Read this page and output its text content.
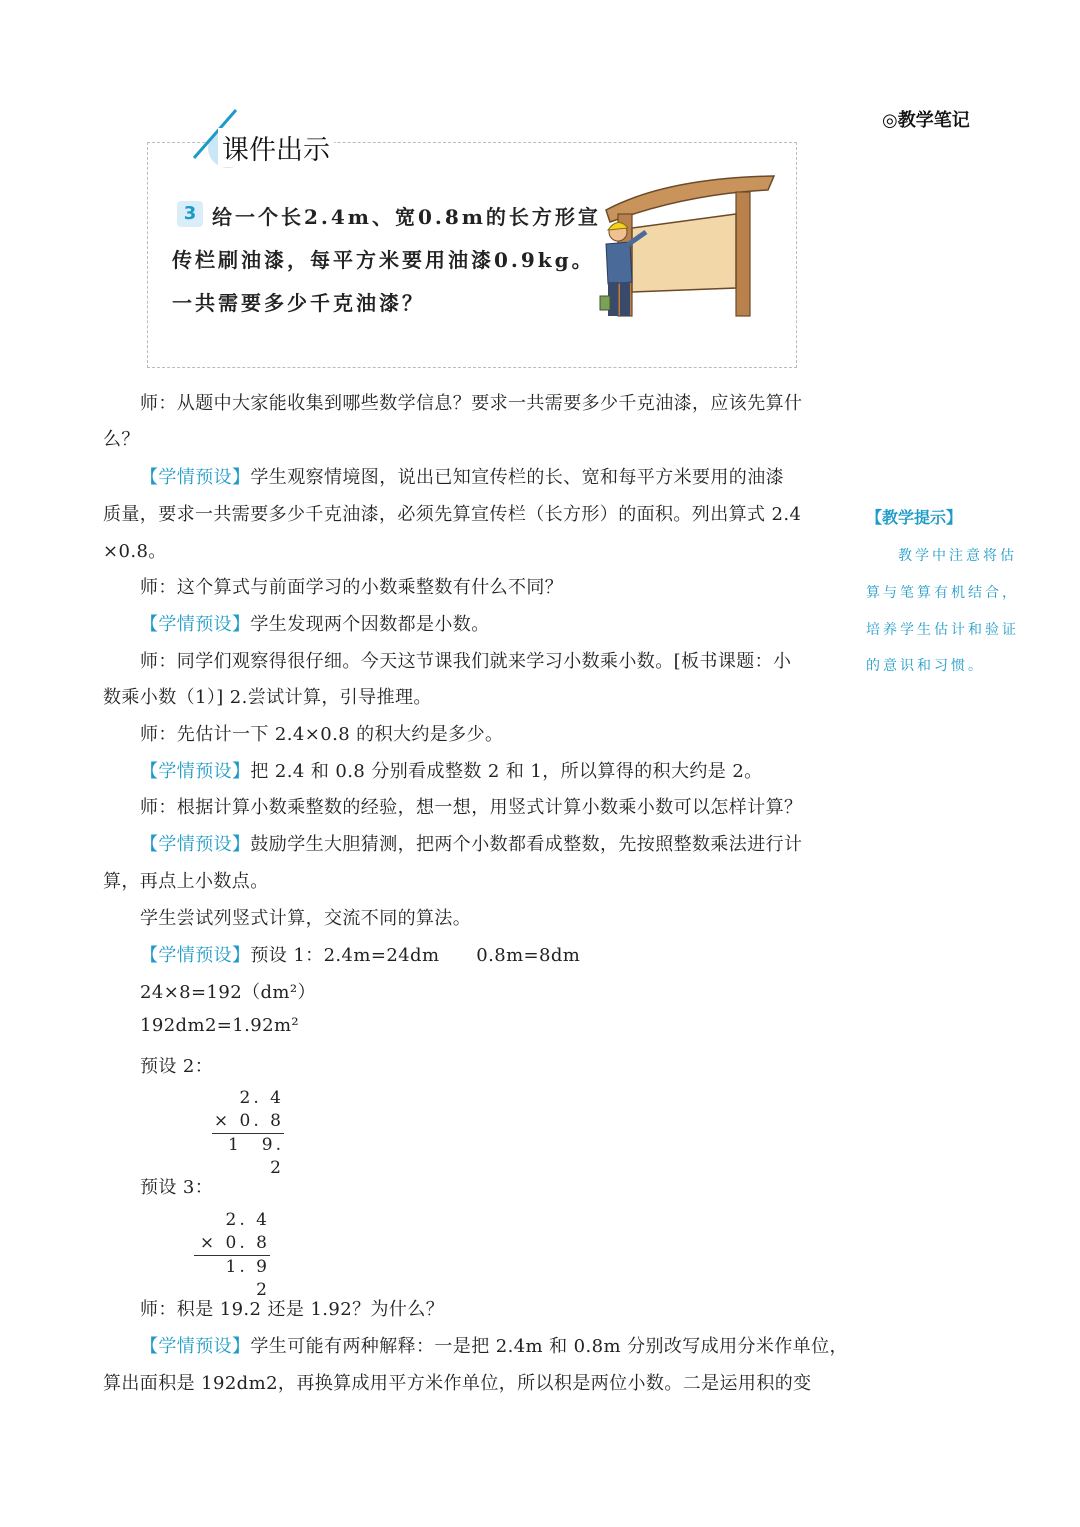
◎教学笔记
【教学提示】
教学中注意将估
算与笔算有机结合，
培养学生估计和验证
的意识和习惯。
课件出示
3 给一个长2.4m、宽0.8m的长方形宣
传栏刷油漆，每平方米要用油漆0.9kg。
一共需要多少千克油漆？
师：从题中大家能收集到哪些数学信息？要求一共需要多少千克油漆，应该先算什
么？
【学情预设】学生观察情境图，说出已知宣传栏的长、宽和每平方米要用的油漆
质量，要求一共需要多少千克油漆，必须先算宣传栏（长方形）的面积。列出算式 2.4
×0.8。
师：这个算式与前面学习的小数乘整数有什么不同？
【学情预设】学生发现两个因数都是小数。
师：同学们观察得很仔细。今天这节课我们就来学习小数乘小数。[板书课题：小
数乘小数（1）] 2.尝试计算，引导推理。
师：先估计一下 2.4×0.8 的积大约是多少。
【学情预设】把 2.4 和 0.8 分别看成整数 2 和 1，所以算得的积大约是 2。
师：根据计算小数乘整数的经验，想一想，用竖式计算小数乘小数可以怎样计算？
【学情预设】鼓励学生大胆猜测，把两个小数都看成整数，先按照整数乘法进行计
算，再点上小数点。
学生尝试列竖式计算，交流不同的算法。
【学情预设】预设 1：2.4m=24dm　　0.8m=8dm
24×8=192（dm²）
192dm2=1.92m²
预设 2：
2. 4
× 0. 8
1　9. 2
预设 3：
2. 4
× 0. 8
1. 9　2
师：积是 19.2 还是 1.92？为什么？
【学情预设】学生可能有两种解释：一是把 2.4m 和 0.8m 分别改写成用分米作单位，
算出面积是 192dm2，再换算成用平方米作单位，所以积是两位小数。二是运用积的变
